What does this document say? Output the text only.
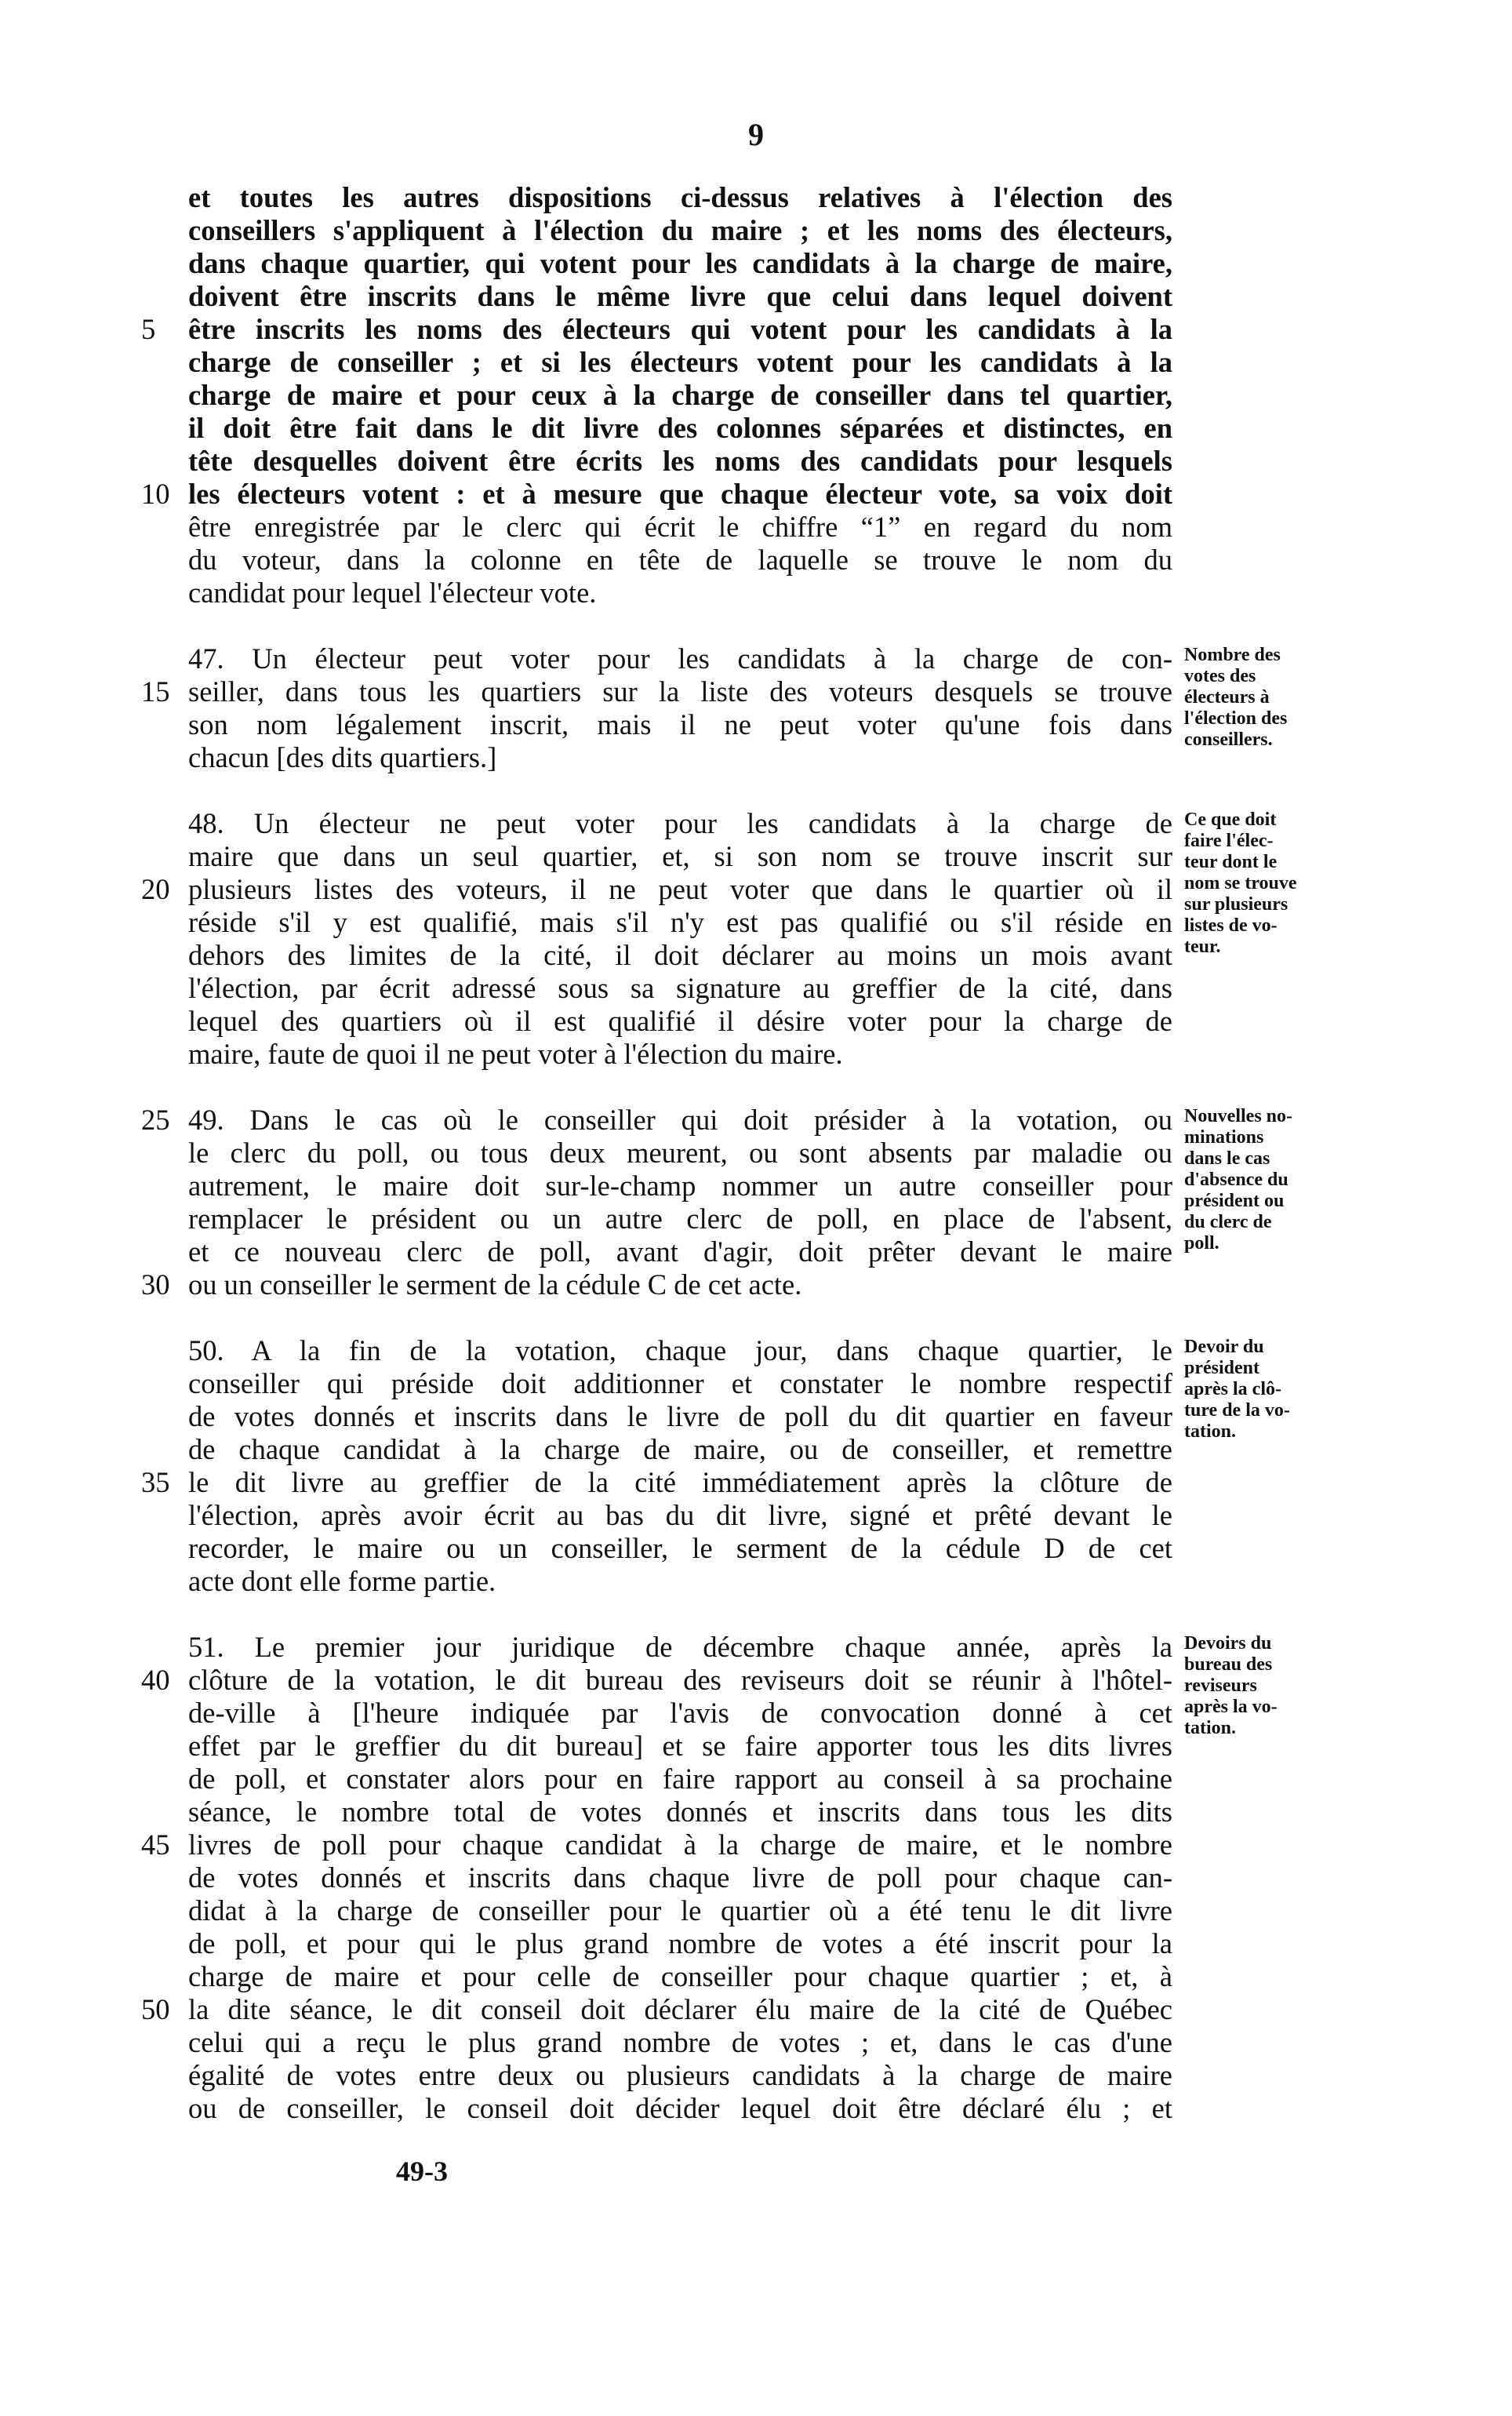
9
et toutes les autres dispositions ci-dessus relatives à l'élection des
conseillers s'appliquent à l'élection du maire ; et les noms des électeurs,
dans chaque quartier, qui votent pour les candidats à la charge de maire,
doivent être inscrits dans le même livre que celui dans lequel doivent
être inscrits les noms des électeurs qui votent pour les candidats à la
charge de conseiller ; et si les électeurs votent pour les candidats à la
charge de maire et pour ceux à la charge de conseiller dans tel quartier,
il doit être fait dans le dit livre des colonnes séparées et distinctes, en
tête desquelles doivent être écrits les noms des candidats pour lesquels
les électeurs votent : et à mesure que chaque électeur vote, sa voix doit
être enregistrée par le clerc qui écrit le chiffre “1” en regard du nom
du voteur, dans la colonne en tête de laquelle se trouve le nom du
candidat pour lequel l'électeur vote.
47. Un électeur peut voter pour les candidats à la charge de con-
seiller, dans tous les quartiers sur la liste des voteurs desquels se trouve
son nom légalement inscrit, mais il ne peut voter qu'une fois dans
chacun [des dits quartiers.]
48. Un électeur ne peut voter pour les candidats à la charge de
maire que dans un seul quartier, et, si son nom se trouve inscrit sur
plusieurs listes des voteurs, il ne peut voter que dans le quartier où il
réside s'il y est qualifié, mais s'il n'y est pas qualifié ou s'il réside en
dehors des limites de la cité, il doit déclarer au moins un mois avant
l'élection, par écrit adressé sous sa signature au greffier de la cité, dans
lequel des quartiers où il est qualifié il désire voter pour la charge de
maire, faute de quoi il ne peut voter à l'élection du maire.
49. Dans le cas où le conseiller qui doit présider à la votation, ou
le clerc du poll, ou tous deux meurent, ou sont absents par maladie ou
autrement, le maire doit sur-le-champ nommer un autre conseiller pour
remplacer le président ou un autre clerc de poll, en place de l'absent,
et ce nouveau clerc de poll, avant d'agir, doit prêter devant le maire
ou un conseiller le serment de la cédule C de cet acte.
50. A la fin de la votation, chaque jour, dans chaque quartier, le
conseiller qui préside doit additionner et constater le nombre respectif
de votes donnés et inscrits dans le livre de poll du dit quartier en faveur
de chaque candidat à la charge de maire, ou de conseiller, et remettre
le dit livre au greffier de la cité immédiatement après la clôture de
l'élection, après avoir écrit au bas du dit livre, signé et prêté devant le
recorder, le maire ou un conseiller, le serment de la cédule D de cet
acte dont elle forme partie.
51. Le premier jour juridique de décembre chaque année, après la
clôture de la votation, le dit bureau des reviseurs doit se réunir à l'hôtel-
de-ville à [l'heure indiquée par l'avis de convocation donné à cet
effet par le greffier du dit bureau] et se faire apporter tous les dits livres
de poll, et constater alors pour en faire rapport au conseil à sa prochaine
séance, le nombre total de votes donnés et inscrits dans tous les dits
livres de poll pour chaque candidat à la charge de maire, et le nombre
de votes donnés et inscrits dans chaque livre de poll pour chaque can-
didat à la charge de conseiller pour le quartier où a été tenu le dit livre
de poll, et pour qui le plus grand nombre de votes a été inscrit pour la
charge de maire et pour celle de conseiller pour chaque quartier ; et, à
la dite séance, le dit conseil doit déclarer élu maire de la cité de Québec
celui qui a reçu le plus grand nombre de votes ; et, dans le cas d'une
égalité de votes entre deux ou plusieurs candidats à la charge de maire
ou de conseiller, le conseil doit décider lequel doit être déclaré élu ; et
5
10
15
20
25
30
35
40
45
50
Nombre des
votes des
électeurs à
l'élection des
conseillers.
Ce que doit
faire l'élec-
teur dont le
nom se trouve
sur plusieurs
listes de vo-
teur.
Nouvelles no-
minations
dans le cas
d'absence du
président ou
du clerc de
poll.
Devoir du
président
après la clô-
ture de la vo-
tation.
Devoirs du
bureau des
reviseurs
après la vo-
tation.
49-3
